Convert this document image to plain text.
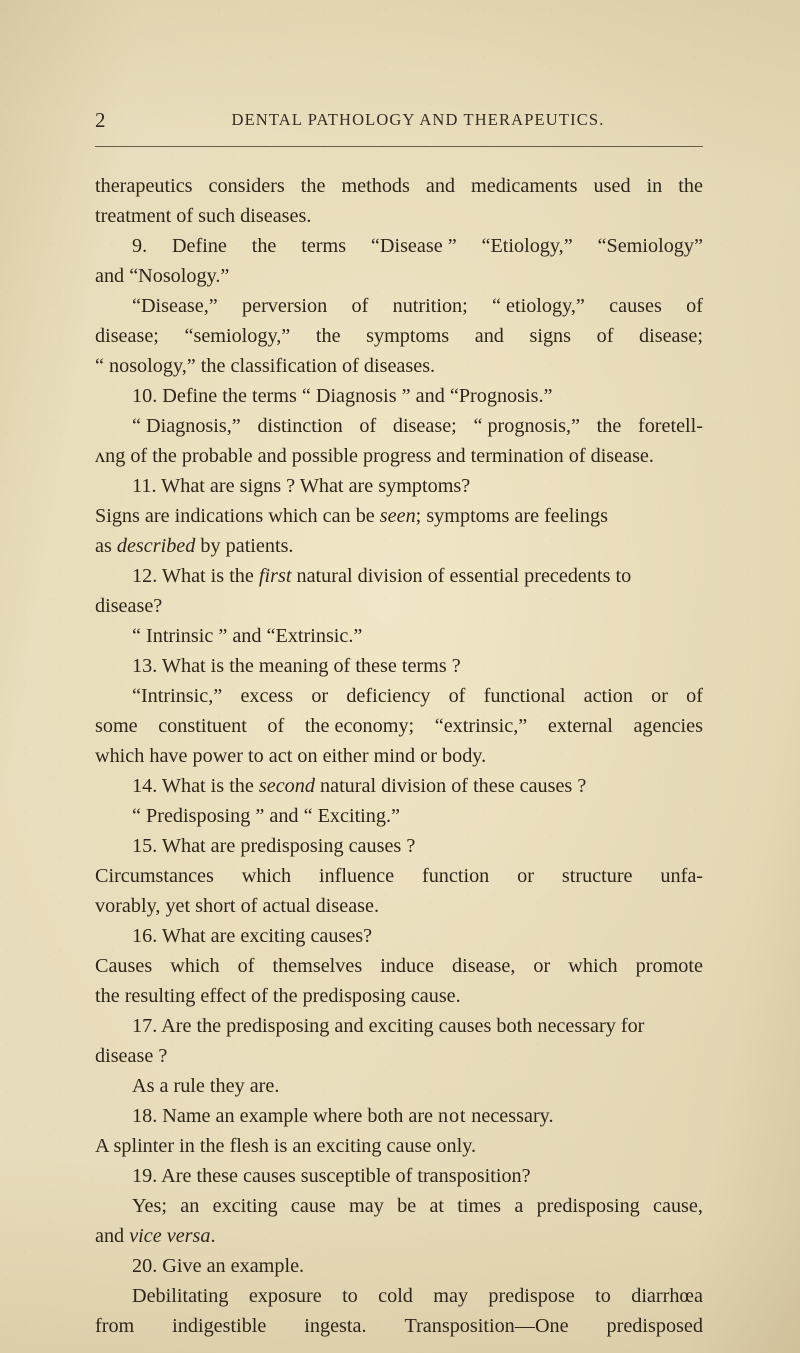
2	DENTAL PATHOLOGY AND THERAPEUTICS.
therapeutics considers the methods and medicaments used in the
treatment of such diseases.
9. Define the terms “Disease ” “Etiology,” “Semiology”
and “Nosology.”
“Disease,” perversion of nutrition; “ etiology,” causes of
disease; “semiology,” the symptoms and signs of disease;
“ nosology,” the classification of diseases.
10. Define the terms “ Diagnosis ” and “Prognosis.”
“ Diagnosis,” distinction of disease; “ prognosis,” the foretell-
ʌng of the probable and possible progress and termination of disease.
11. What are signs ? What are symptoms?
Signs are indications which can be seen; symptoms are feelings
as described by patients.
12. What is the first natural division of essential precedents to
disease?
“ Intrinsic ” and “Extrinsic.”
13. What is the meaning of these terms ?
“Intrinsic,” excess or deficiency of functional action or of
some constituent of the economy; “extrinsic,” external agencies
which have power to act on either mind or body.
14. What is the second natural division of these causes ?
“ Predisposing ” and “ Exciting.”
15. What are predisposing causes ?
Circumstances which influence function or structure unfa-
vorably, yet short of actual disease.
16. What are exciting causes?
Causes which of themselves induce disease, or which promote
the resulting effect of the predisposing cause.
17. Are the predisposing and exciting causes both necessary for
disease ?
As a rule they are.
18. Name an example where both are not necessary.
A splinter in the flesh is an exciting cause only.
19. Are these causes susceptible of transposition?
Yes; an exciting cause may be at times a predisposing cause,
and vice versa.
20. Give an example.
Debilitating exposure to cold may predispose to diarrhœa
from indigestible ingesta. Transposition—One predisposed
